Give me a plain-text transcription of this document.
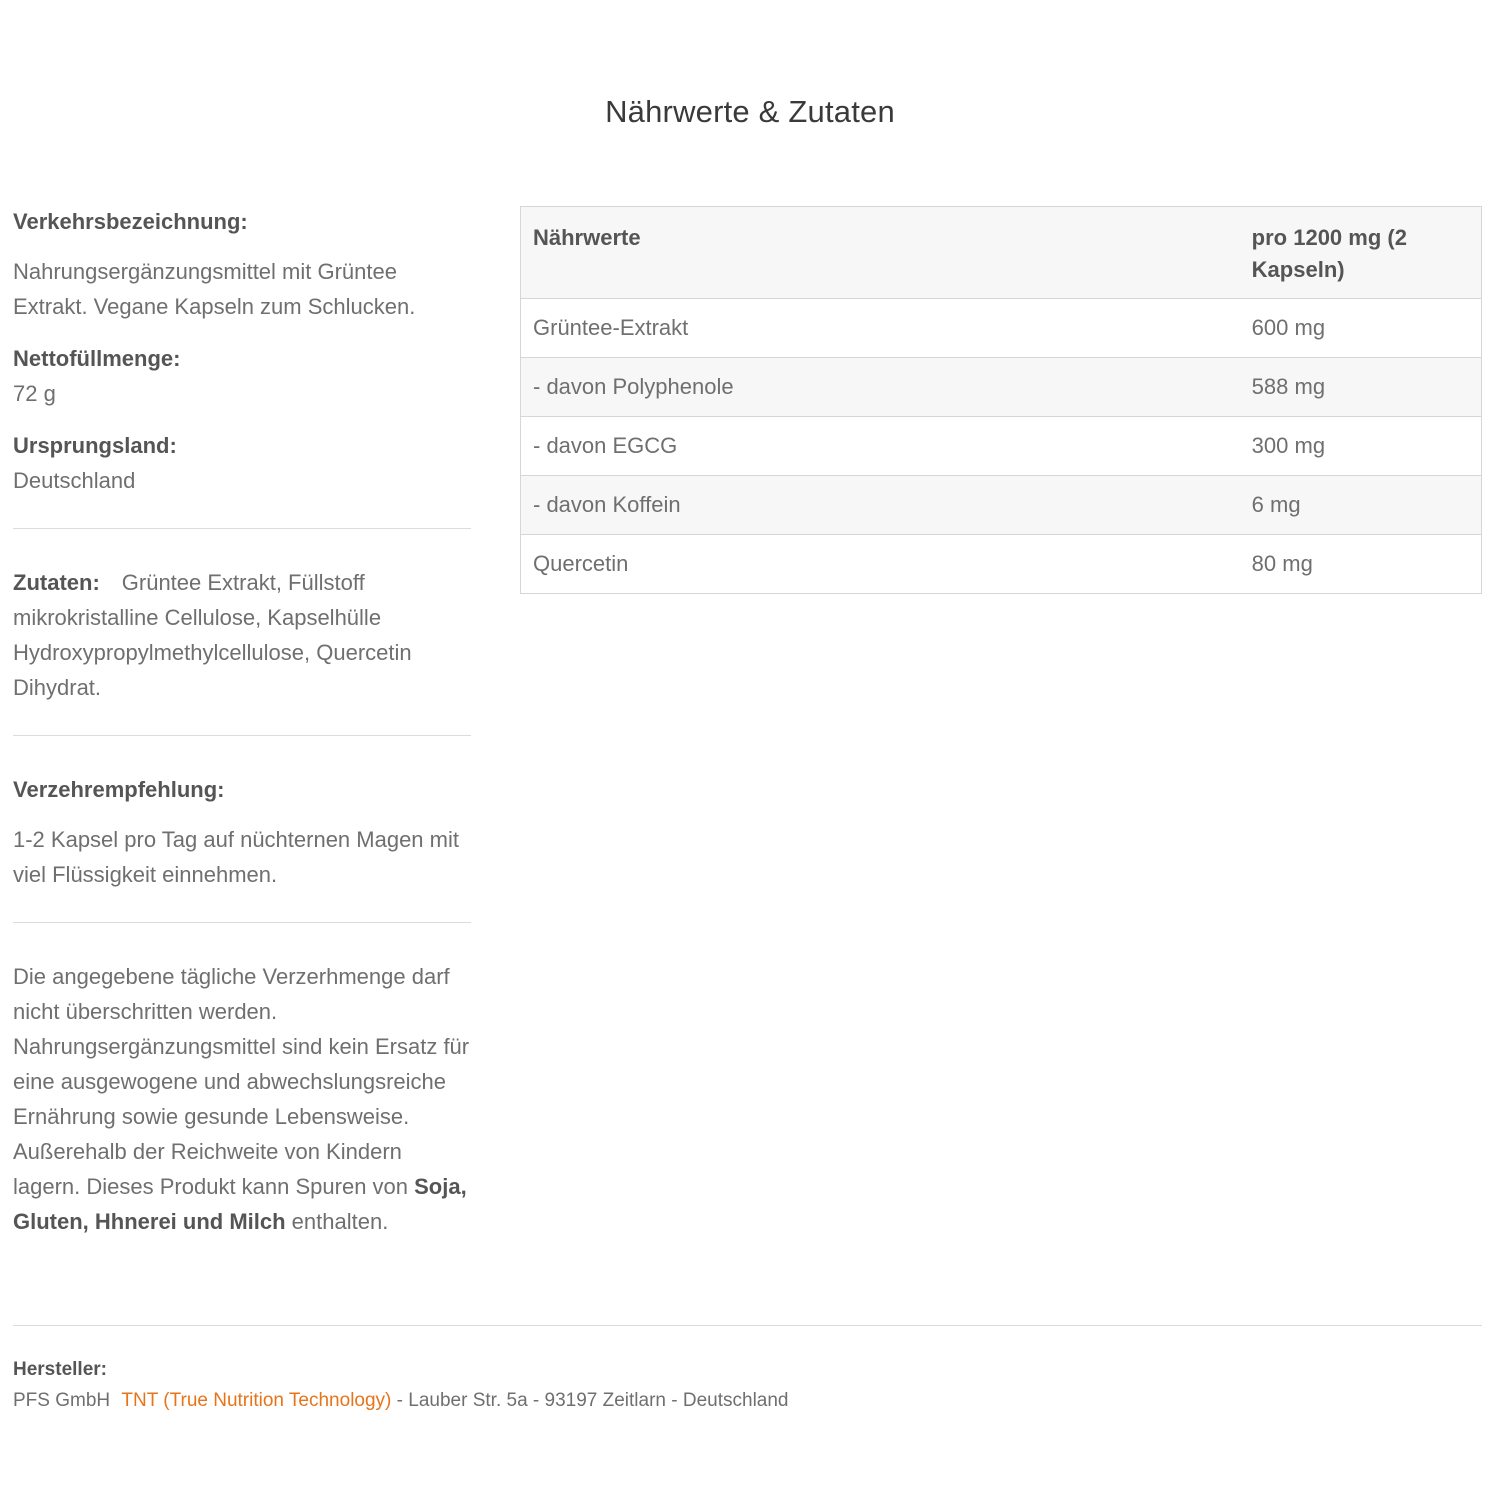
Nährwerte & Zutaten
Verkehrsbezeichnung:
Nahrungsergänzungsmittel mit Grüntee Extrakt. Vegane Kapseln zum Schlucken.
Nettofüllmenge:
72 g
Ursprungsland:
Deutschland
Zutaten: Grüntee Extrakt, Füllstoff mikrokristalline Cellulose, Kapselhülle Hydroxypropylmethylcellulose, Quercetin Dihydrat.
Verzehrempfehlung:
1-2 Kapsel pro Tag auf nüchternen Magen mit viel Flüssigkeit einnehmen.
Die angegebene tägliche Verzerhmenge darf nicht überschritten werden. Nahrungsergänzungsmittel sind kein Ersatz für eine ausgewogene und abwechslungsreiche Ernährung sowie gesunde Lebensweise. Außerehalb der Reichweite von Kindern lagern. Dieses Produkt kann Spuren von Soja, Gluten, Hhnerei und Milch enthalten.
Nährwerte	pro 1200 mg (2 Kapseln)
Grüntee-Extrakt	600 mg
- davon Polyphenole	588 mg
- davon EGCG	300 mg
- davon Koffein	6 mg
Quercetin	80 mg
Hersteller:
PFS GmbH TNT (True Nutrition Technology) - Lauber Str. 5a - 93197 Zeitlarn - Deutschland
